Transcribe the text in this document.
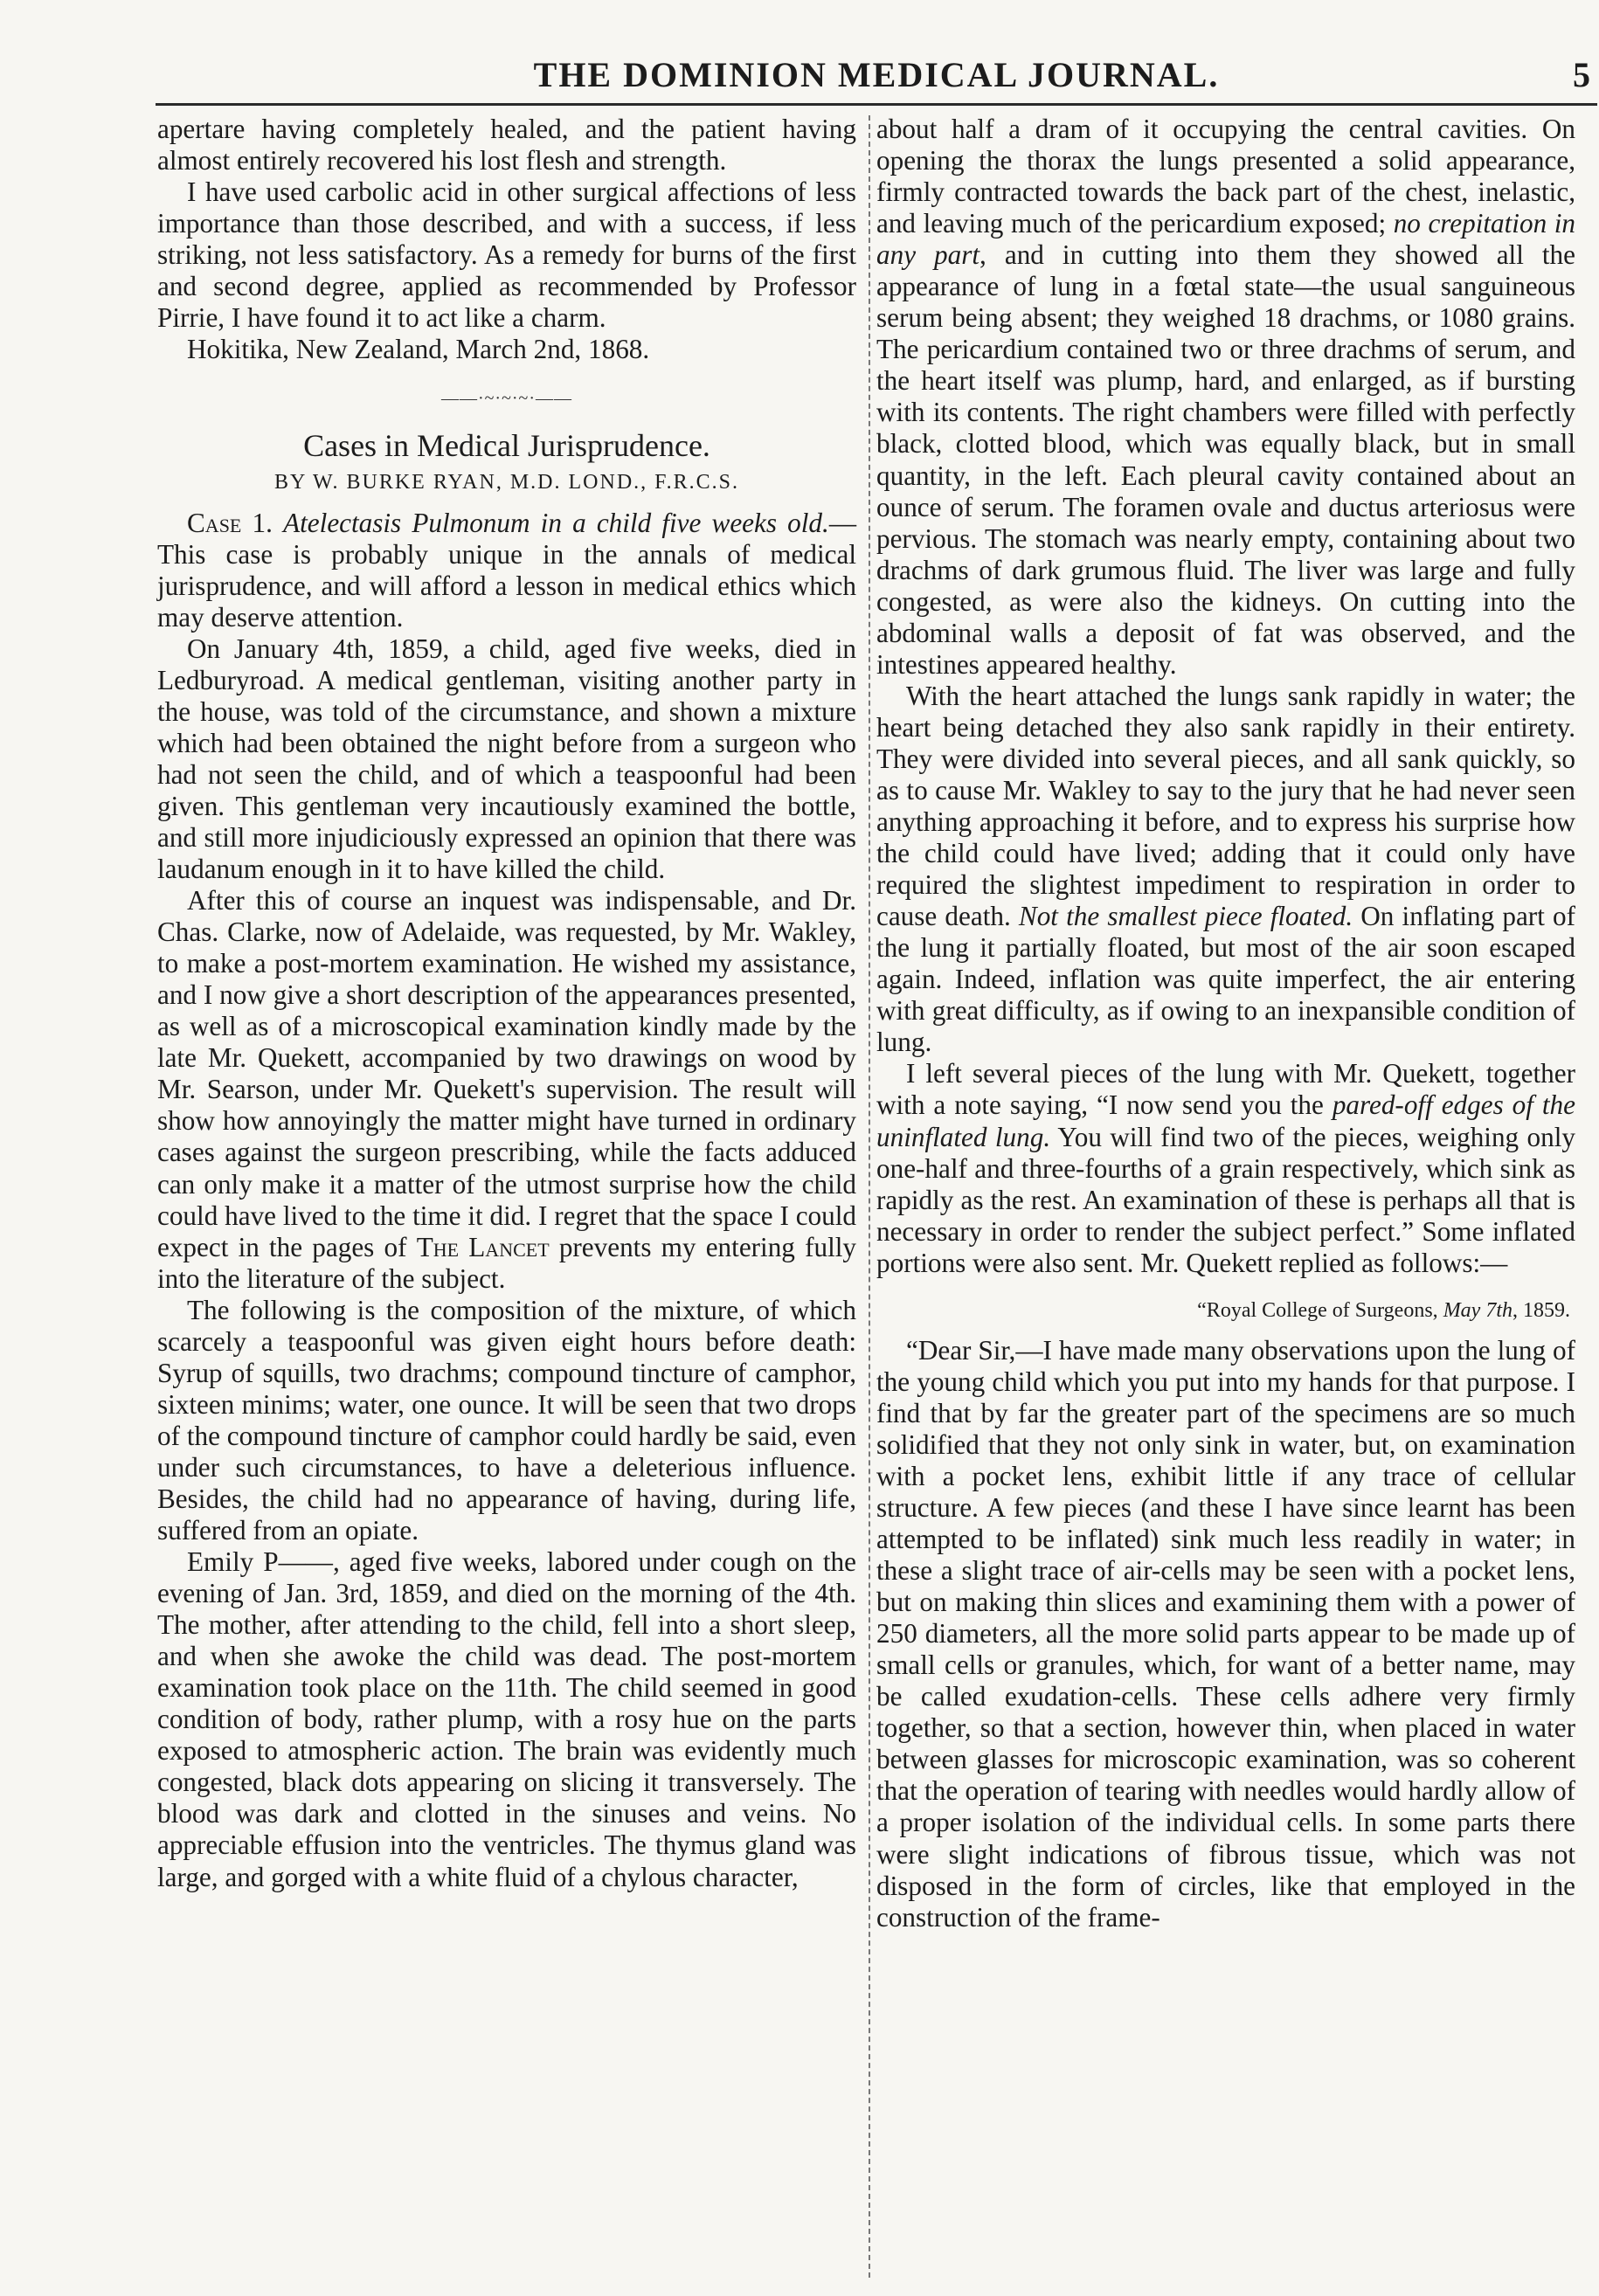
THE DOMINION MEDICAL JOURNAL.	5

apertare having completely healed, and the patient having almost entirely recovered his lost flesh and strength.

I have used carbolic acid in other surgical affections of less importance than those described, and with a success, if less striking, not less satisfactory. As a remedy for burns of the first and second degree, applied as recommended by Professor Pirrie, I have found it to act like a charm.

Hokitika, New Zealand, March 2nd, 1868.

——·~·~·~·——
Cases in Medical Jurisprudence.
BY W. BURKE RYAN, M.D. LOND., F.R.C.S.

Case 1. Atelectasis Pulmonum in a child five weeks old.—This case is probably unique in the annals of medical jurisprudence, and will afford a lesson in medical ethics which may deserve attention.

On January 4th, 1859, a child, aged five weeks, died in Ledburyroad. A medical gentleman, visiting another party in the house, was told of the circumstance, and shown a mixture which had been obtained the night before from a surgeon who had not seen the child, and of which a teaspoonful had been given. This gentleman very incautiously examined the bottle, and still more injudiciously expressed an opinion that there was laudanum enough in it to have killed the child.

After this of course an inquest was indispensable, and Dr. Chas. Clarke, now of Adelaide, was requested, by Mr. Wakley, to make a post-mortem examination. He wished my assistance, and I now give a short description of the appearances presented, as well as of a microscopical examination kindly made by the late Mr. Quekett, accompanied by two drawings on wood by Mr. Searson, under Mr. Quekett's supervision. The result will show how annoyingly the matter might have turned in ordinary cases against the surgeon prescribing, while the facts adduced can only make it a matter of the utmost surprise how the child could have lived to the time it did. I regret that the space I could expect in the pages of The Lancet prevents my entering fully into the literature of the subject.

The following is the composition of the mixture, of which scarcely a teaspoonful was given eight hours before death: Syrup of squills, two drachms; compound tincture of camphor, sixteen minims; water, one ounce. It will be seen that two drops of the compound tincture of camphor could hardly be said, even under such circumstances, to have a deleterious influence. Besides, the child had no appearance of having, during life, suffered from an opiate.

Emily P——, aged five weeks, labored under cough on the evening of Jan. 3rd, 1859, and died on the morning of the 4th. The mother, after attending to the child, fell into a short sleep, and when she awoke the child was dead. The post-mortem examination took place on the 11th. The child seemed in good condition of body, rather plump, with a rosy hue on the parts exposed to atmospheric action. The brain was evidently much congested, black dots appearing on slicing it transversely. The blood was dark and clotted in the sinuses and veins. No appreciable effusion into the ventricles. The thymus gland was large, and gorged with a white fluid of a chylous character,

about half a dram of it occupying the central cavities. On opening the thorax the lungs presented a solid appearance, firmly contracted towards the back part of the chest, inelastic, and leaving much of the pericardium exposed; no crepitation in any part, and in cutting into them they showed all the appearance of lung in a fœtal state—the usual sanguineous serum being absent; they weighed 18 drachms, or 1080 grains. The pericardium contained two or three drachms of serum, and the heart itself was plump, hard, and enlarged, as if bursting with its contents. The right chambers were filled with perfectly black, clotted blood, which was equally black, but in small quantity, in the left. Each pleural cavity contained about an ounce of serum. The foramen ovale and ductus arteriosus were pervious. The stomach was nearly empty, containing about two drachms of dark grumous fluid. The liver was large and fully congested, as were also the kidneys. On cutting into the abdominal walls a deposit of fat was observed, and the intestines appeared healthy.

With the heart attached the lungs sank rapidly in water; the heart being detached they also sank rapidly in their entirety. They were divided into several pieces, and all sank quickly, so as to cause Mr. Wakley to say to the jury that he had never seen anything approaching it before, and to express his surprise how the child could have lived; adding that it could only have required the slightest impediment to respiration in order to cause death. Not the smallest piece floated. On inflating part of the lung it partially floated, but most of the air soon escaped again. Indeed, inflation was quite imperfect, the air entering with great difficulty, as if owing to an inexpansible condition of lung.

I left several pieces of the lung with Mr. Quekett, together with a note saying, “I now send you the pared-off edges of the uninflated lung. You will find two of the pieces, weighing only one-half and three-fourths of a grain respectively, which sink as rapidly as the rest. An examination of these is perhaps all that is necessary in order to render the subject perfect.” Some inflated portions were also sent. Mr. Quekett replied as follows:—

“Royal College of Surgeons, May 7th, 1859.

“Dear Sir,—I have made many observations upon the lung of the young child which you put into my hands for that purpose. I find that by far the greater part of the specimens are so much solidified that they not only sink in water, but, on examination with a pocket lens, exhibit little if any trace of cellular structure. A few pieces (and these I have since learnt has been attempted to be inflated) sink much less readily in water; in these a slight trace of air-cells may be seen with a pocket lens, but on making thin slices and examining them with a power of 250 diameters, all the more solid parts appear to be made up of small cells or granules, which, for want of a better name, may be called exudation-cells. These cells adhere very firmly together, so that a section, however thin, when placed in water between glasses for microscopic examination, was so coherent that the operation of tearing with needles would hardly allow of a proper isolation of the individual cells. In some parts there were slight indications of fibrous tissue, which was not disposed in the form of circles, like that employed in the construction of the frame-
